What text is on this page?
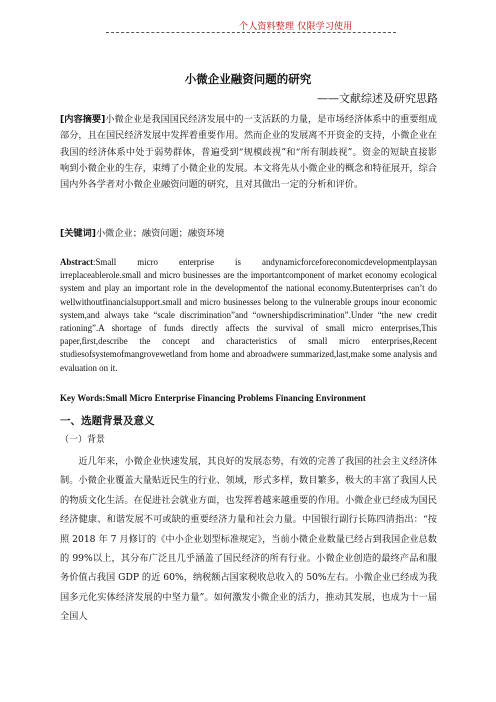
个人资料整理 仅限学习使用
小微企业融资问题的研究
——文献综述及研究思路
[内容摘要]小微企业是我国国民经济发展中的一支活跃的力量，是市场经济体系中的重要组成部分，且在国民经济发展中发挥着重要作用。然而企业的发展离不开资金的支持，小微企业在我国的经济体系中处于弱势群体，普遍受到“规模歧视”和“所有制歧视”。资金的短缺直接影响到小微企业的生存，束缚了小微企业的发展。本文将先从小微企业的概念和特征展开，综合国内外各学者对小微企业融资问题的研究，且对其做出一定的分析和评价。
[关键词]小微企业；融资问题；融资环境
Abstract:Small micro enterprise is andynamicforceforeconomicdevelopmentplaysan irreplaceablerole.small and micro businesses are the importantcomponent of market economy ecological system and play an important role in the developmentof the national economy.Butenterprises can’t do wellwithoutfinancialsupport.small and micro businesses belong to the vulnerable groups inour economic system,and always take “scale discrimination”and “ownershipdiscrimination”.Under “the new credit rationing”.A shortage of funds directly affects the survival of small micro enterprises,This paper,first,describe the concept and characteristics of small micro enterprises,Recent studiesofsystemofmangrovewetland from home and abroadwere summarized,last,make some analysis and evaluation on it.
Key Words:Small Micro Enterprise Financing Problems Financing Environment
一、选题背景及意义
（一）背景
近几年来，小微企业快速发展，其良好的发展态势，有效的完善了我国的社会主义经济体制。小微企业覆盖大量贴近民生的行业、领域，形式多样，数目繁多，极大的丰富了我国人民的物质文化生活。在促进社会就业方面，也发挥着越来越重要的作用。小微企业已经成为国民经济健康、和谐发展不可或缺的重要经济力量和社会力量。中国银行副行长陈四清指出：“按照 2018 年 7 月修订的《中小企业划型标准规定》，当前小微企业数量已经占到我国企业总数的 99%以上，其分布广泛且几乎涵盖了国民经济的所有行业。小微企业创造的最终产品和服务价值占我国 GDP 的近 60%，纳税额占国家税收总收入的 50%左右。小微企业已经成为我国多元化实体经济发展的中坚力量”。如何激发小微企业的活力，推动其发展，也成为十一届全国人
